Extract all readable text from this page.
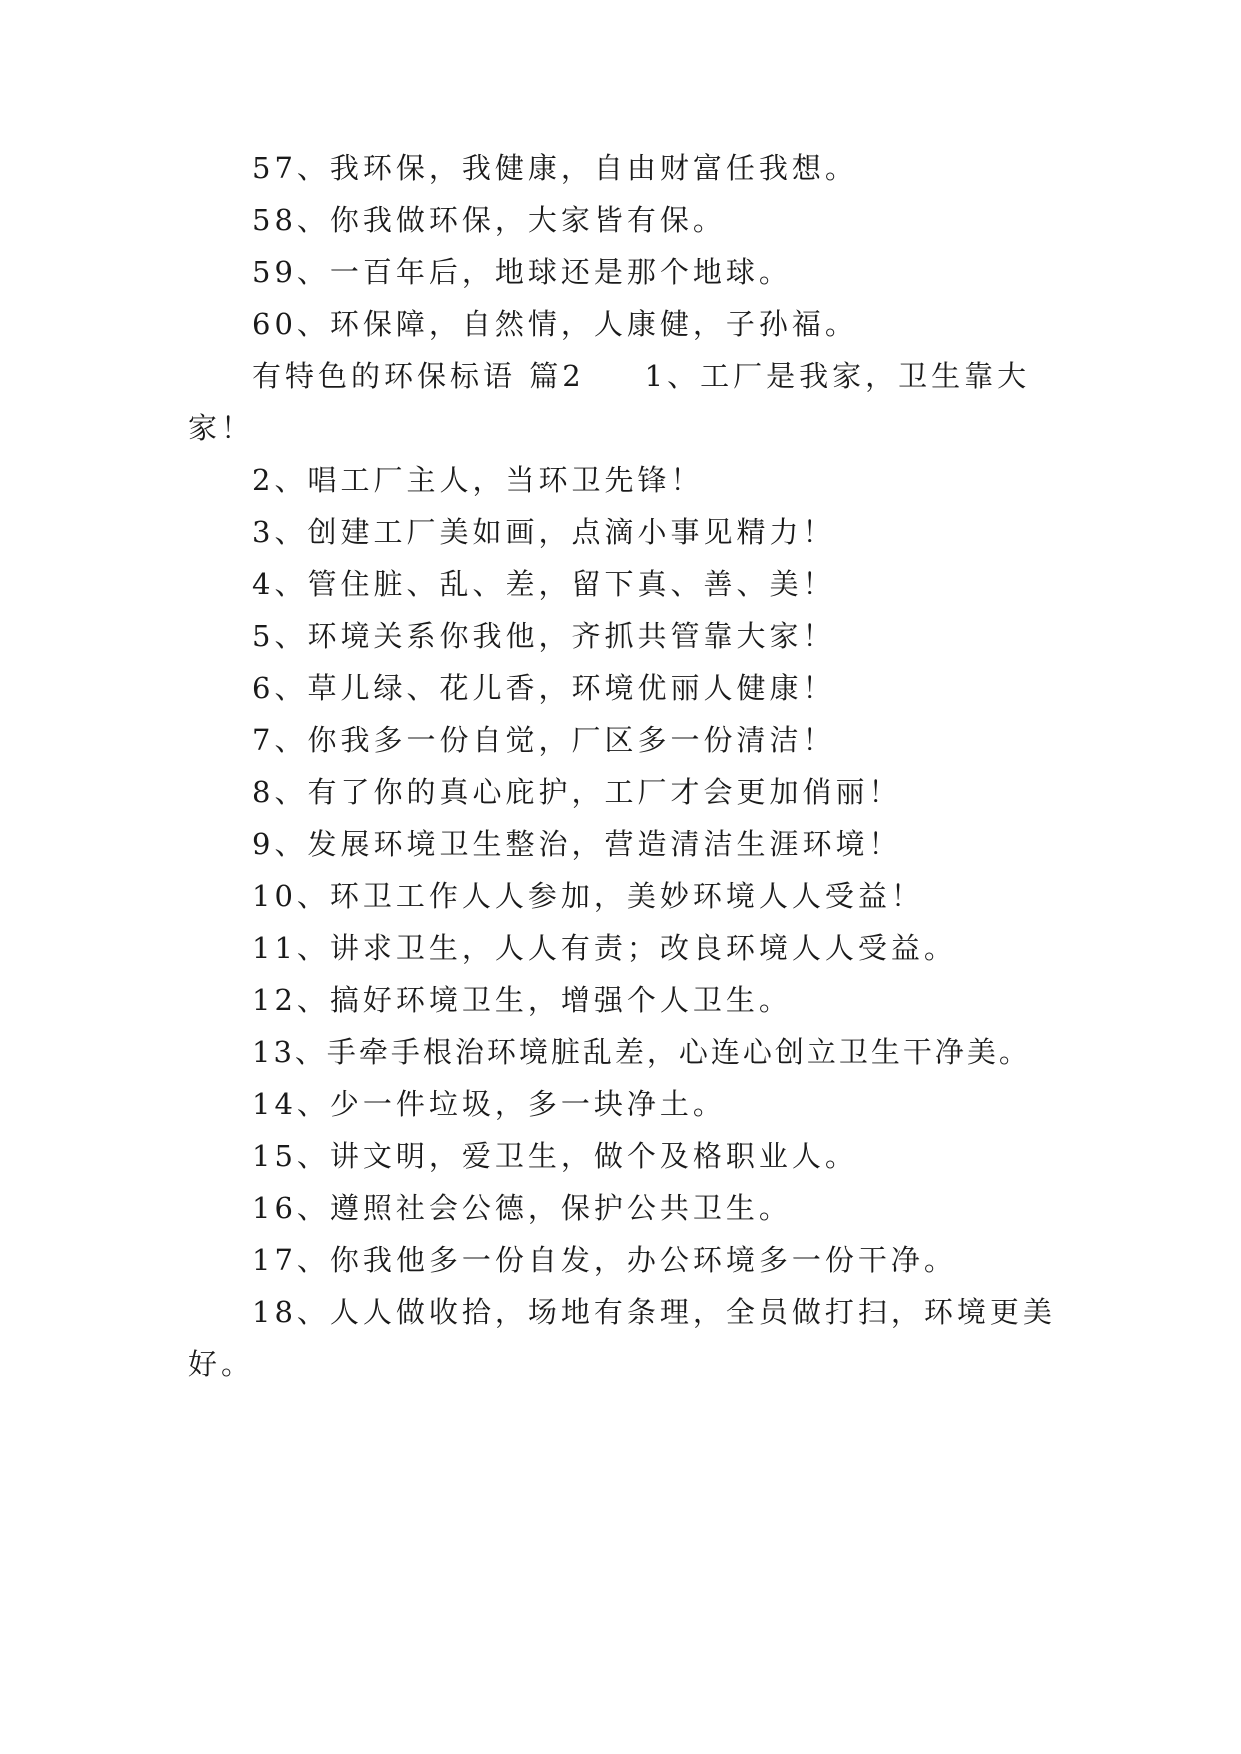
57、我环保，我健康，自由财富任我想。
58、你我做环保，大家皆有保。
59、一百年后，地球还是那个地球。
60、环保障，自然情，人康健，子孙福。
有特色的环保标语 篇2 1、工厂是我家，卫生靠大
家！
2、唱工厂主人，当环卫先锋！
3、创建工厂美如画，点滴小事见精力！
4、管住脏、乱、差，留下真、善、美！
5、环境关系你我他，齐抓共管靠大家！
6、草儿绿、花儿香，环境优丽人健康！
7、你我多一份自觉，厂区多一份清洁！
8、有了你的真心庇护，工厂才会更加俏丽！
9、发展环境卫生整治，营造清洁生涯环境！
10、环卫工作人人参加，美妙环境人人受益！
11、讲求卫生，人人有责；改良环境人人受益。
12、搞好环境卫生，增强个人卫生。
13、手牵手根治环境脏乱差，心连心创立卫生干净美。
14、少一件垃圾，多一块净土。
15、讲文明，爱卫生，做个及格职业人。
16、遵照社会公德，保护公共卫生。
17、你我他多一份自发，办公环境多一份干净。
18、人人做收拾，场地有条理，全员做打扫，环境更美
好。
